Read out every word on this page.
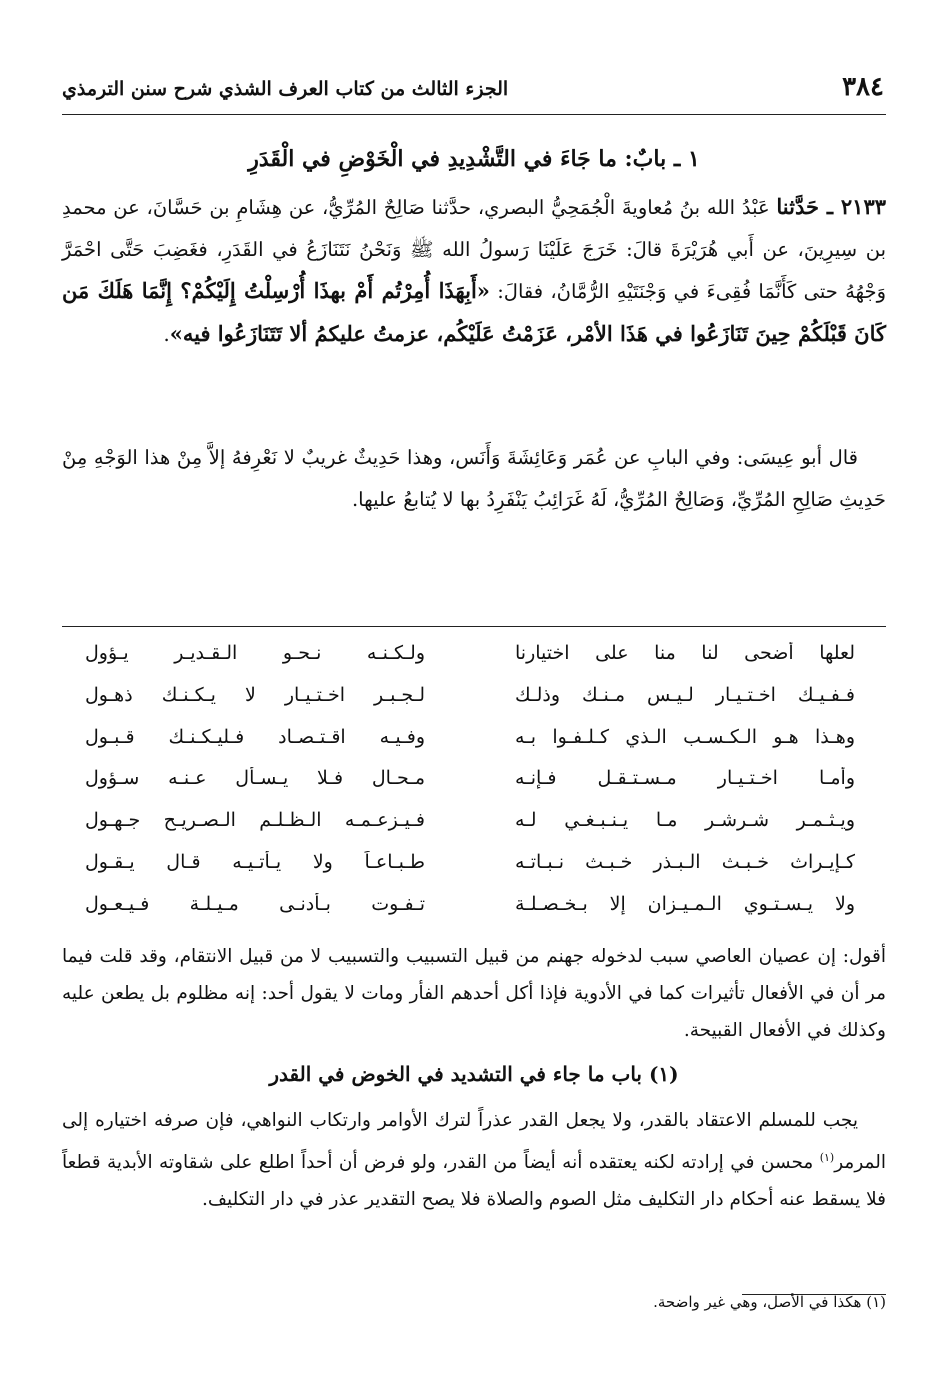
٣٨٤
الجزء الثالث من كتاب العرف الشذي شرح سنن الترمذي
١ ـ بابٌ: ما جَاءَ في التَّشْدِيدِ في الْخَوْضِ في الْقَدَرِ

٢١٣٣ ـ حَدَّثنا عَبْدُ الله بنُ مُعاويةَ الْجُمَحِيُّ البصري، حدَّثنا صَالِحٌ المُرِّيُّ، عن هِشَامِ بن حَسَّانَ، عن محمدِ بن سِيرِينَ، عن أَبي هُرَيْرَةَ قالَ: خَرَجَ عَلَيْنَا رَسولُ الله ﷺ وَنَحْنُ نَتَنَازَعُ في القَدَرِ، فغَضِبَ حَتَّى احْمَرَّ وَجْهُهُ حتى كَأَنَّمَا فُقِىءَ في وَجْنَتَيْهِ الرُّمَّانُ، فقالَ: «أَبِهَذَا أُمِرْتُم أَمْ بهذَا أُرْسِلْتُ إِلَيْكُمْ؟ إِنَّمَا هَلَكَ مَن كَانَ قَبْلَكُمْ حِينَ تَنَازَعُوا في هَذَا الأمْر، عَزَمْتُ عَلَيْكُم، عزمتُ عليكمُ ألا تَتَنَازَعُوا فيه».

قال أبو عِيسَى: وفي البابِ عن عُمَر وَعَائِشَةَ وَأَنَس، وهذا حَدِيثٌ غريبٌ لا نَعْرِفهُ إلاَّ مِنْ هذا الوَجْهِ مِنْ حَدِيثِ صَالِحِ المُرِّيِّ، وَصَالِحٌ المُرِّيُّ، لَهُ غَرَائِبُ يَنْفَرِدُ بها لا يُتابعُ عليها.
لعلها أضحى لنا منا على اختيارنا
ولـكـنـه نـحـو الـقـديـر يـؤول
فـفـيـك اخـتـيـار لـيـس مـنـك وذلـك
لـجـبـر اخـتـيـار لا يـكـنـك ذهـول
وهـذا هـو الـكـسـب الـذي كـلـفـوا بـه
وفـيـه اقـتـصـاد فـليـكـنـك قـبـول
وأمـا اخـتـيـار مـسـتـقـل فـإنـه
مـحـال فـلا يـسـأل عـنـه سـؤول
ويـثـمـر شـرشـر مـا يـنـبـغـي لـه
فـيـزعـمـه الـظـلـم الـصـريـح جـهـول
كـإيـراث خـبـث الـبـذر خـبـث نـبـاتـه
طـبـاعـاً ولا يـأتـيـه قـال يـقـول
ولا يـسـتـوي الـمـيـزان إلا بـخـصـلـة
تـفـوت بـأدنـى مـيـلـة فـيـعـول
أقول: إن عصيان العاصي سبب لدخوله جهنم من قبيل التسبيب والتسبيب لا من قبيل الانتقام، وقد قلت فيما مر أن في الأفعال تأثيرات كما في الأدوية فإذا أكل أحدهم الفأر ومات لا يقول أحد: إنه مظلوم بل يطعن عليه وكذلك في الأفعال القبيحة.
(١) باب ما جاء في التشديد في الخوض في القدر
يجب للمسلم الاعتقاد بالقدر، ولا يجعل القدر عذراً لترك الأوامر وارتكاب النواهي، فإن صرفه اختياره إلى المرمر$^{(١)}$ محسن في إرادته لكنه يعتقده أنه أيضاً من القدر، ولو فرض أن أحداً اطلع على شقاوته الأبدية قطعاً فلا يسقط عنه أحكام دار التكليف مثل الصوم والصلاة فلا يصح التقدير عذر في دار التكليف.
(١) هكذا في الأصل، وهي غير واضحة.
